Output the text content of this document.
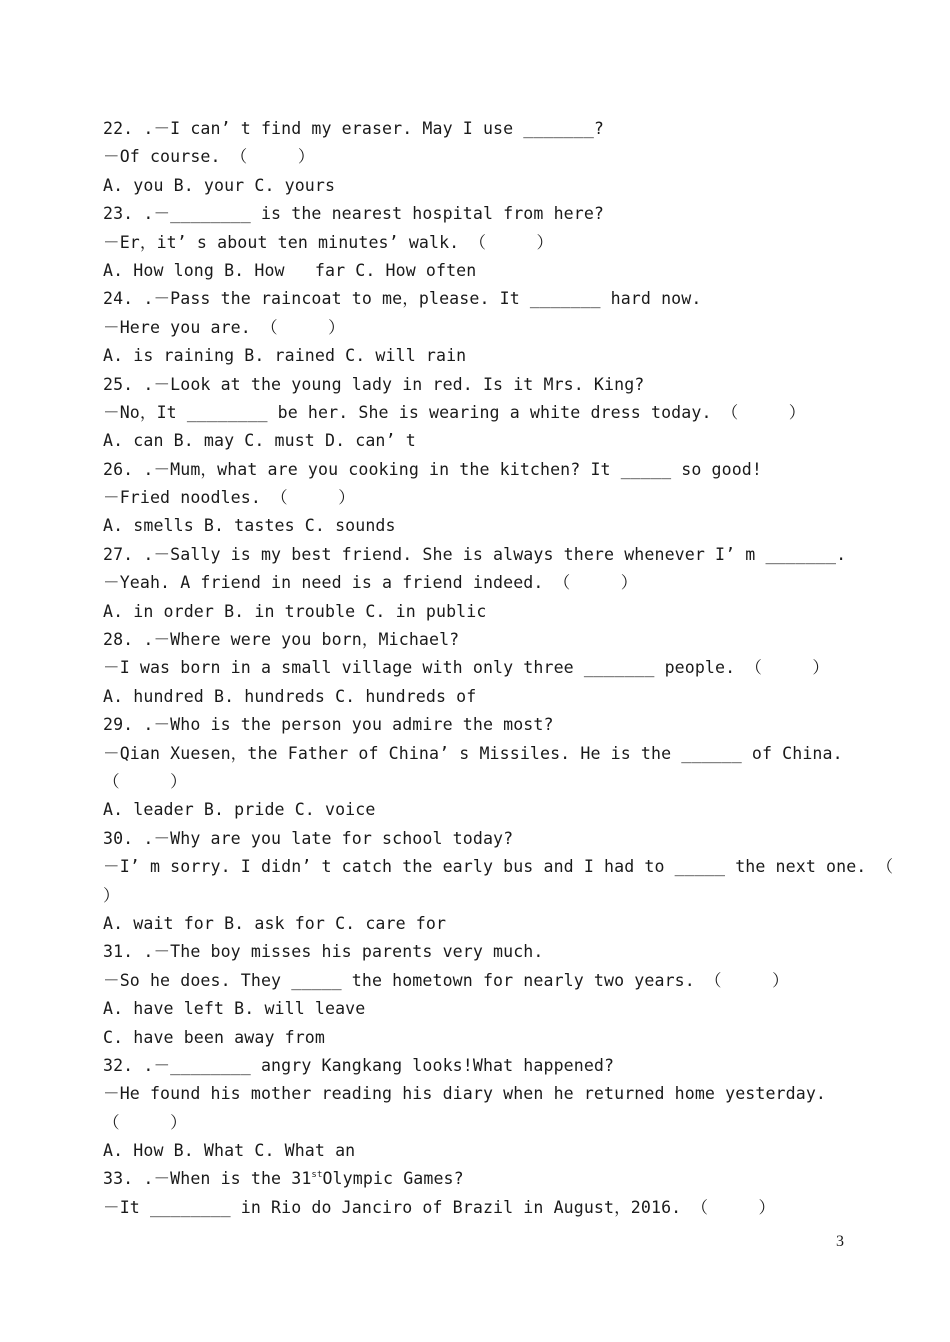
22. .－I can’ t find my eraser. May I use _______?
－Of course. （     ）
A. you B. your C. yours
23. .－________ is the nearest hospital from here?
－Er，it’ s about ten minutes’ walk. （     ）
A. How long B. How   far C. How often
24. .－Pass the raincoat to me，please. It _______ hard now.
－Here you are. （     ）
A. is raining B. rained C. will rain
25. .－Look at the young lady in red. Is it Mrs. King?
－No，It ________ be her. She is wearing a white dress today. （     ）
A. can B. may C. must D. can’ t
26. .－Mum，what are you cooking in the kitchen? It _____ so good!
－Fried noodles. （     ）
A. smells B. tastes C. sounds
27. .－Sally is my best friend. She is always there whenever I’ m _______.
－Yeah. A friend in need is a friend indeed. （     ）
A. in order B. in trouble C. in public
28. .－Where were you born，Michael?
－I was born in a small village with only three _______ people. （     ）
A. hundred B. hundreds C. hundreds of
29. .－Who is the person you admire the most?
－Qian Xuesen，the Father of China’ s Missiles. He is the ______ of China.
（     ）
A. leader B. pride C. voice
30. .－Why are you late for school today?
－I’ m sorry. I didn’ t catch the early bus and I had to _____ the next one. （
）
A. wait for B. ask for C. care for
31. .－The boy misses his parents very much.
－So he does. They _____ the hometown for nearly two years. （     ）
A. have left B. will leave
C. have been away from
32. .－________ angry Kangkang looks!What happened?
－He found his mother reading his diary when he returned home yesterday.
（     ）
A. How B. What C. What an
33. .－When is the 31stOlympic Games?
－It ________ in Rio do Janciro of Brazil in August，2016. （     ）
3
